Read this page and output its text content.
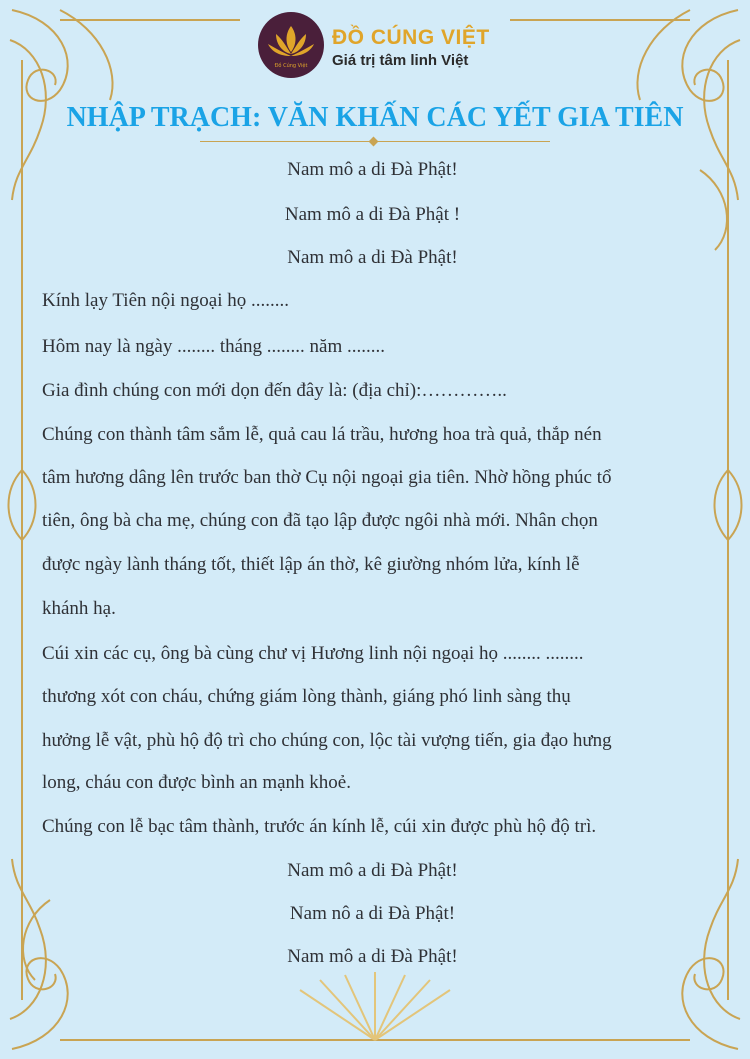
Đồ Cúng Việt
ĐỒ CÚNG VIỆT
Giá trị tâm linh Việt
NHẬP TRẠCH: VĂN KHẤN CÁC YẾT GIA TIÊN
Nam mô a di Đà Phật!
Nam mô a di Đà Phật !
Nam mô a di Đà Phật!
Kính lạy Tiên nội ngoại họ ........
Hôm nay là ngày ........ tháng ........ năm ........
Gia đình chúng con mới dọn đến đây là: (địa chỉ):…………..
Chúng con thành tâm sắm lễ, quả cau lá trầu, hương hoa trà quả, thắp nén
tâm hương dâng lên trước ban thờ Cụ nội ngoại gia tiên. Nhờ hồng phúc tổ
tiên, ông bà cha mẹ, chúng con đã tạo lập được ngôi nhà mới. Nhân chọn
được ngày lành tháng tốt, thiết lập án thờ, kê giường nhóm lửa, kính lễ
khánh hạ.
Cúi xin các cụ, ông bà cùng chư vị Hương linh nội ngoại họ ........ ........
thương xót con cháu, chứng giám lòng thành, giáng phó linh sàng thụ
hưởng lễ vật, phù hộ độ trì cho chúng con, lộc tài vượng tiến, gia đạo hưng
long, cháu con được bình an mạnh khoẻ.
Chúng con lễ bạc tâm thành, trước án kính lễ, cúi xin được phù hộ độ trì.
Nam mô a di Đà Phật!
Nam nô a di Đà Phật!
Nam mô a di Đà Phật!
